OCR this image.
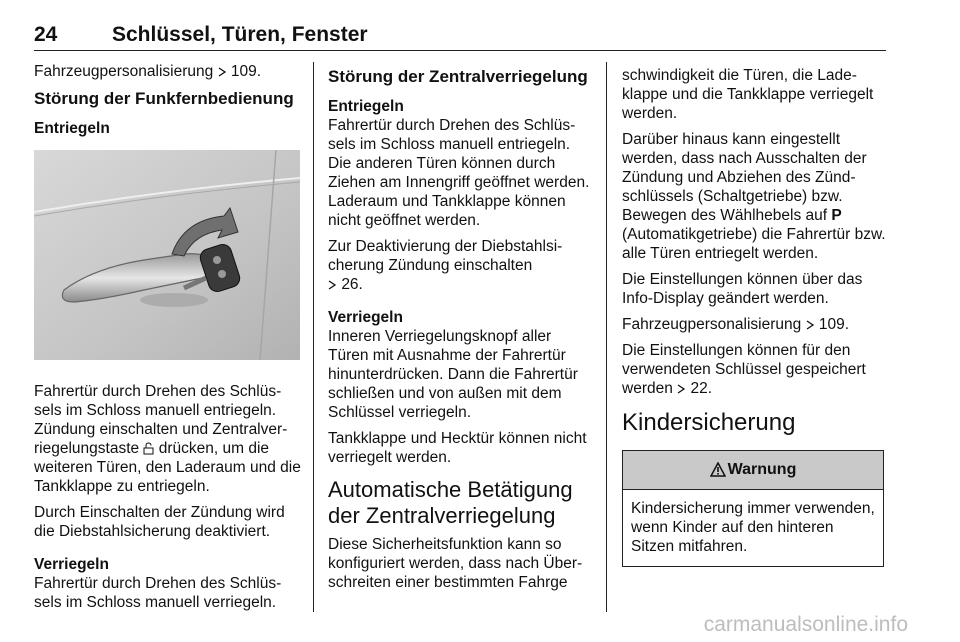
24	Schlüssel, Türen, Fenster

Fahrzeugpersonalisierung 109.

Störung der Funkfernbedienung
Entriegeln

Fahrertür durch Drehen des Schlüssels im Schloss manuell entriegeln. Zündung einschalten und Zentralverriegelungstaste  drücken, um die weiteren Türen, den Laderaum und die Tankklappe zu entriegeln.

Durch Einschalten der Zündung wird die Diebstahlsicherung deaktiviert.

Verriegeln

Fahrertür durch Drehen des Schlüssels im Schloss manuell verriegeln.

Störung der Zentralverriegelung
Entriegeln

Fahrertür durch Drehen des Schlüssels im Schloss manuell entriegeln. Die anderen Türen können durch Ziehen am Innengriff geöffnet werden. Laderaum und Tankklappe können nicht geöffnet werden.

Zur Deaktivierung der Diebstahlsicherung Zündung einschalten
26.

Verriegeln

Inneren Verriegelungsknopf aller Türen mit Ausnahme der Fahrertür hinunterdrücken. Dann die Fahrertür schließen und von außen mit dem Schlüssel verriegeln.

Tankklappe und Hecktür können nicht verriegelt werden.

Automatische Betätigung der Zentralverriegelung

Diese Sicherheitsfunktion kann so konfiguriert werden, dass nach Überschreiten einer bestimmten Fahrge

schwindigkeit die Türen, die Ladeklappe und die Tankklappe verriegelt werden.

Darüber hinaus kann eingestellt werden, dass nach Ausschalten der Zündung und Abziehen des Zündschlüssels (Schaltgetriebe) bzw. Bewegen des Wählhebels auf P (Automatikgetriebe) die Fahrertür bzw. alle Türen entriegelt werden.

Die Einstellungen können über das Info-Display geändert werden.

Fahrzeugpersonalisierung 109.

Die Einstellungen können für den verwendeten Schlüssel gespeichert werden 22.

Kindersicherung
Warnung
Kindersicherung immer verwenden, wenn Kinder auf den hinteren Sitzen mitfahren.
carmanualsonline.info
